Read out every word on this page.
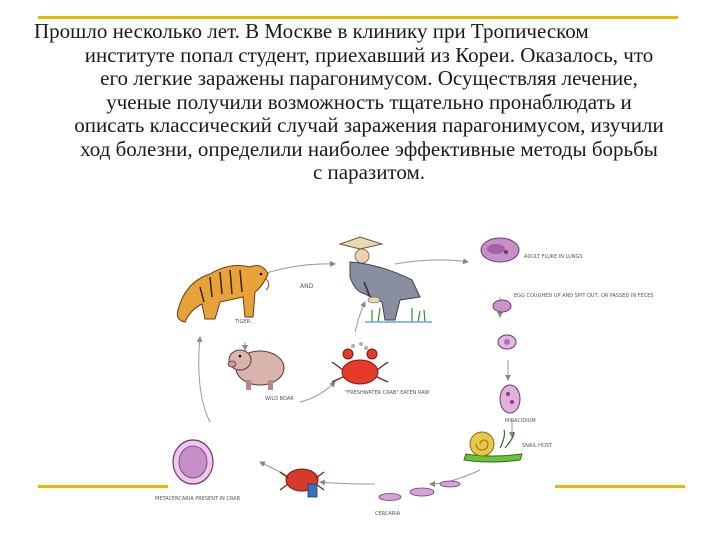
Прошло несколько лет. В Москве в клинику при Тропическом
институте попал студент, приехавший из Кореи. Оказалось, что
его легкие заражены парагонимусом. Осуществляя лечение,
ученые получили возможность тщательно пронаблюдать и
описать классический случай заражения парагонимусом, изучили
ход болезни, определили наиболее эффективные методы борьбы
с паразитом.
TIGER
AND
WILD BOAR
ADULT FLUKE IN LUNGS
EGG COUGHED UP AND SPIT OUT, OR PASSED IN FECES
MIRACIDIUM
SNAIL HOST
CERCARIA
METACERCARIA PRESENT IN CRAB
"FRESHWATER CRAB" EATEN RAW
